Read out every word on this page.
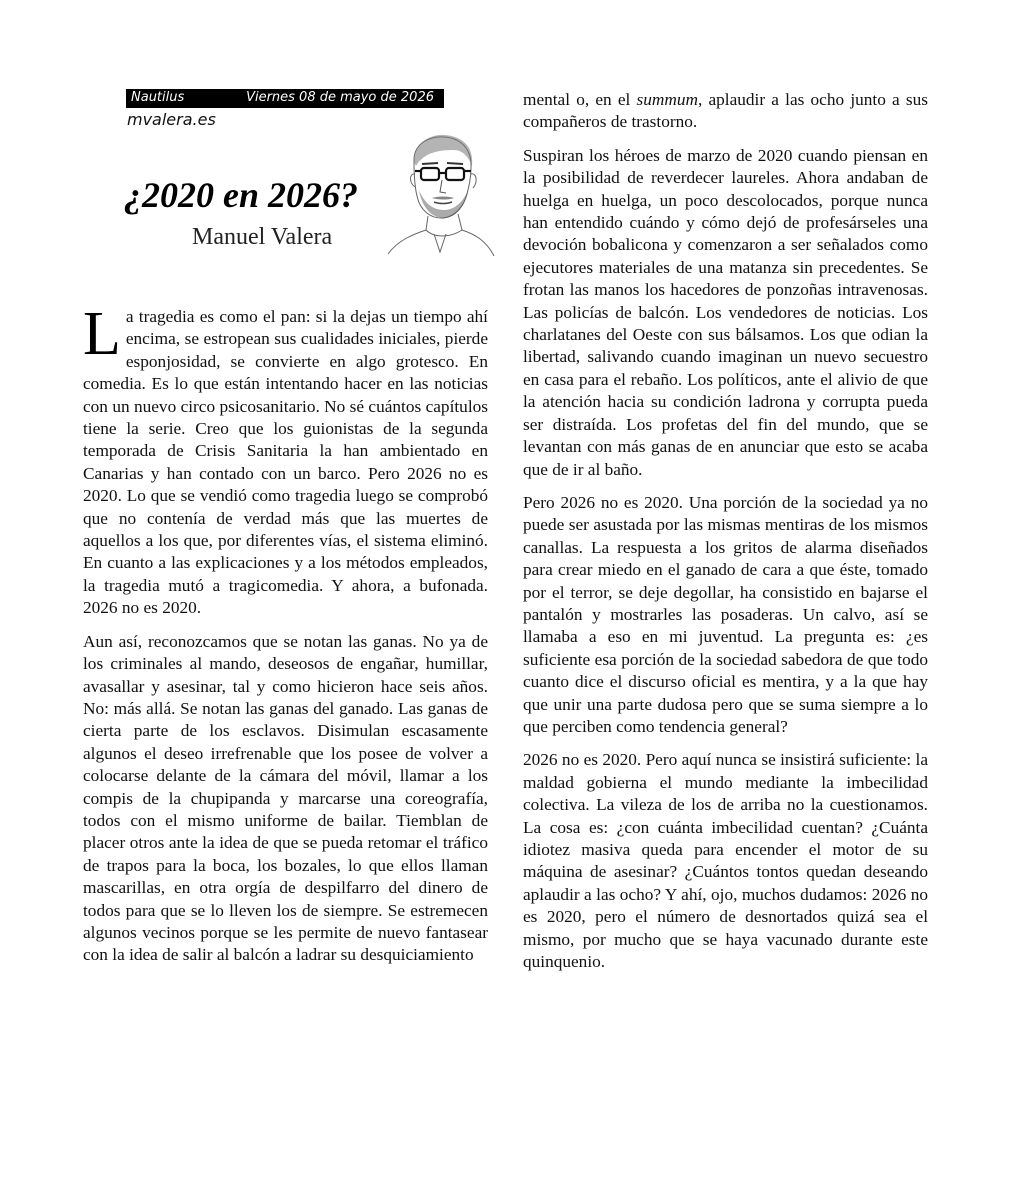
Nautilus	Viernes 08 de mayo de 2026
mvalera.es
¿2020 en 2026?
Manuel Valera

La tragedia es como el pan: si la dejas un tiempo ahí encima, se estropean sus cualidades iniciales, pierde esponjosidad, se convierte en algo grotesco. En comedia. Es lo que están intentando hacer en las noticias con un nuevo circo psicosanitario. No sé cuántos capítulos tiene la serie. Creo que los guionistas de la segunda temporada de Crisis Sanitaria la han ambientado en Canarias y han contado con un barco. Pero 2026 no es 2020. Lo que se vendió como tragedia luego se comprobó que no contenía de verdad más que las muertes de aquellos a los que, por diferentes vías, el sistema eliminó. En cuanto a las explicaciones y a los métodos empleados, la tragedia mutó a tragicomedia. Y ahora, a bufonada. 2026 no es 2020.

Aun así, reconozcamos que se notan las ganas. No ya de los criminales al mando, deseosos de engañar, humillar, avasallar y asesinar, tal y como hicieron hace seis años. No: más allá. Se notan las ganas del ganado. Las ganas de cierta parte de los esclavos. Disimulan escasamente algunos el deseo irrefrenable que los posee de volver a colocarse delante de la cámara del móvil, llamar a los compis de la chupipanda y marcarse una coreografía, todos con el mismo uniforme de bailar. Tiemblan de placer otros ante la idea de que se pueda retomar el tráfico de trapos para la boca, los bozales, lo que ellos llaman mascarillas, en otra orgía de despilfarro del dinero de todos para que se lo lleven los de siempre. Se estremecen algunos vecinos porque se les permite de nuevo fantasear con la idea de salir al balcón a ladrar su desquiciamiento

mental o, en el summum, aplaudir a las ocho junto a sus compañeros de trastorno.

Suspiran los héroes de marzo de 2020 cuando piensan en la posibilidad de reverdecer laureles. Ahora andaban de huelga en huelga, un poco descolocados, porque nunca han entendido cuándo y cómo dejó de profesárseles una devoción bobalicona y comenzaron a ser señalados como ejecutores materiales de una matanza sin precedentes. Se frotan las manos los hacedores de ponzoñas intravenosas. Las policías de balcón. Los vendedores de noticias. Los charlatanes del Oeste con sus bálsamos. Los que odian la libertad, salivando cuando imaginan un nuevo secuestro en casa para el rebaño. Los políticos, ante el alivio de que la atención hacia su condición ladrona y corrupta pueda ser distraída. Los profetas del fin del mundo, que se levantan con más ganas de en anunciar que esto se acaba que de ir al baño.

Pero 2026 no es 2020. Una porción de la sociedad ya no puede ser asustada por las mismas mentiras de los mismos canallas. La respuesta a los gritos de alarma diseñados para crear miedo en el ganado de cara a que éste, tomado por el terror, se deje degollar, ha consistido en bajarse el pantalón y mostrarles las posaderas. Un calvo, así se llamaba a eso en mi juventud. La pregunta es: ¿es suficiente esa porción de la sociedad sabedora de que todo cuanto dice el discurso oficial es mentira, y a la que hay que unir una parte dudosa pero que se suma siempre a lo que perciben como tendencia general?

2026 no es 2020. Pero aquí nunca se insistirá suficiente: la maldad gobierna el mundo mediante la imbecilidad colectiva. La vileza de los de arriba no la cuestionamos. La cosa es: ¿con cuánta imbecilidad cuentan? ¿Cuánta idiotez masiva queda para encender el motor de su máquina de asesinar? ¿Cuántos tontos quedan deseando aplaudir a las ocho? Y ahí, ojo, muchos dudamos: 2026 no es 2020, pero el número de desnortados quizá sea el mismo, por mucho que se haya vacunado durante este quinquenio.
